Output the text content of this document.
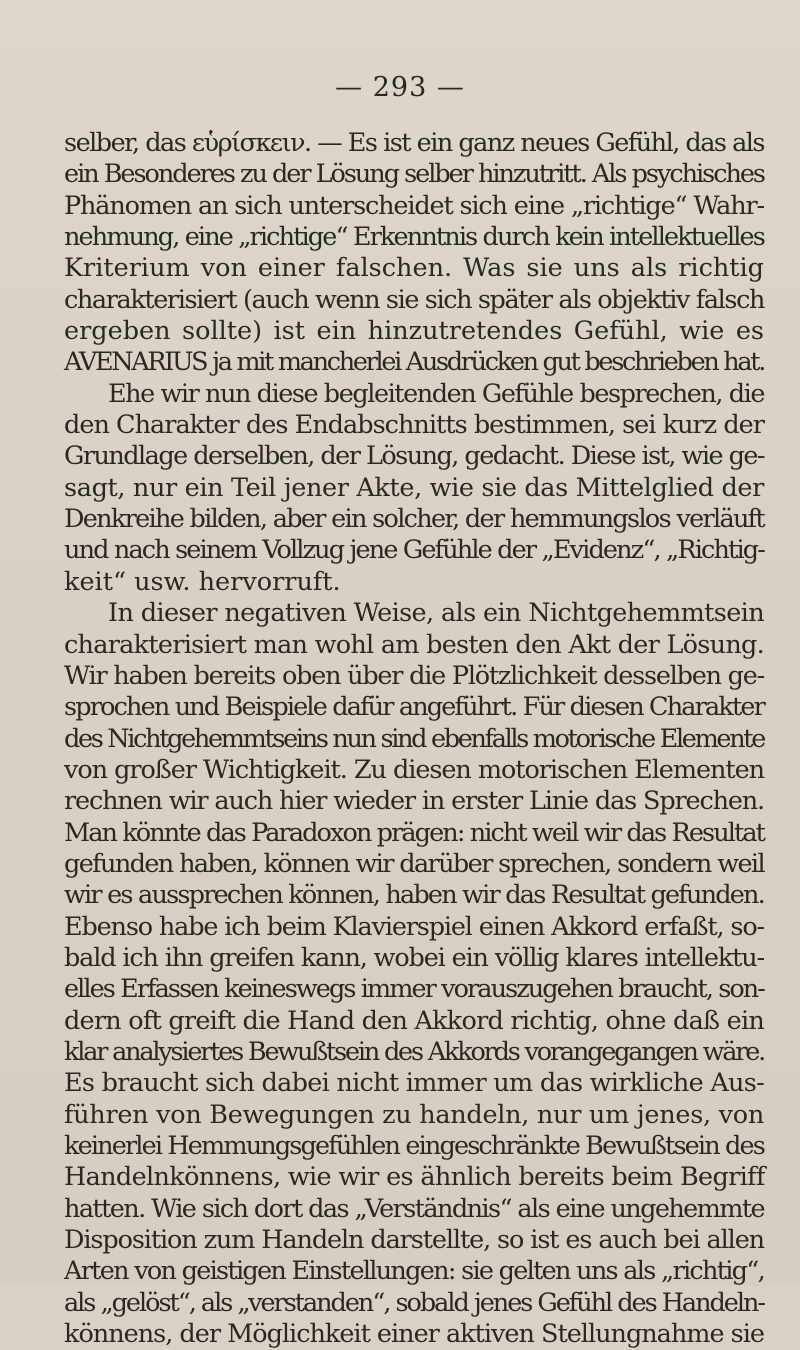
— 293 —
selber, das εὑρίσκειν. — Es ist ein ganz neues Gefühl, das als
ein Besonderes zu der Lösung selber hinzutritt. Als psychisches
Phänomen an sich unterscheidet sich eine „richtige“ Wahr-
nehmung, eine „richtige“ Erkenntnis durch kein intellektuelles
Kriterium von einer falschen. Was sie uns als richtig
charakterisiert (auch wenn sie sich später als objektiv falsch
ergeben sollte) ist ein hinzutretendes Gefühl, wie es
AVENARIUS ja mit mancherlei Ausdrücken gut beschrieben hat.
Ehe wir nun diese begleitenden Gefühle besprechen, die
den Charakter des Endabschnitts bestimmen, sei kurz der
Grundlage derselben, der Lösung, gedacht. Diese ist, wie ge-
sagt, nur ein Teil jener Akte, wie sie das Mittelglied der
Denkreihe bilden, aber ein solcher, der hemmungslos verläuft
und nach seinem Vollzug jene Gefühle der „Evidenz“, „Richtig-
keit“ usw. hervorruft.
In dieser negativen Weise, als ein Nichtgehemmtsein
charakterisiert man wohl am besten den Akt der Lösung.
Wir haben bereits oben über die Plötzlichkeit desselben ge-
sprochen und Beispiele dafür angeführt. Für diesen Charakter
des Nichtgehemmtseins nun sind ebenfalls motorische Elemente
von großer Wichtigkeit. Zu diesen motorischen Elementen
rechnen wir auch hier wieder in erster Linie das Sprechen.
Man könnte das Paradoxon prägen: nicht weil wir das Resultat
gefunden haben, können wir darüber sprechen, sondern weil
wir es aussprechen können, haben wir das Resultat gefunden.
Ebenso habe ich beim Klavierspiel einen Akkord erfaßt, so-
bald ich ihn greifen kann, wobei ein völlig klares intellektu-
elles Erfassen keineswegs immer vorauszugehen braucht, son-
dern oft greift die Hand den Akkord richtig, ohne daß ein
klar analysiertes Bewußtsein des Akkords vorangegangen wäre.
Es braucht sich dabei nicht immer um das wirkliche Aus-
führen von Bewegungen zu handeln, nur um jenes, von
keinerlei Hemmungsgefühlen eingeschränkte Bewußtsein des
Handelnkönnens, wie wir es ähnlich bereits beim Begriff
hatten. Wie sich dort das „Verständnis“ als eine ungehemmte
Disposition zum Handeln darstellte, so ist es auch bei allen
Arten von geistigen Einstellungen: sie gelten uns als „richtig“,
als „gelöst“, als „verstanden“, sobald jenes Gefühl des Handeln-
könnens, der Möglichkeit einer aktiven Stellungnahme sie
